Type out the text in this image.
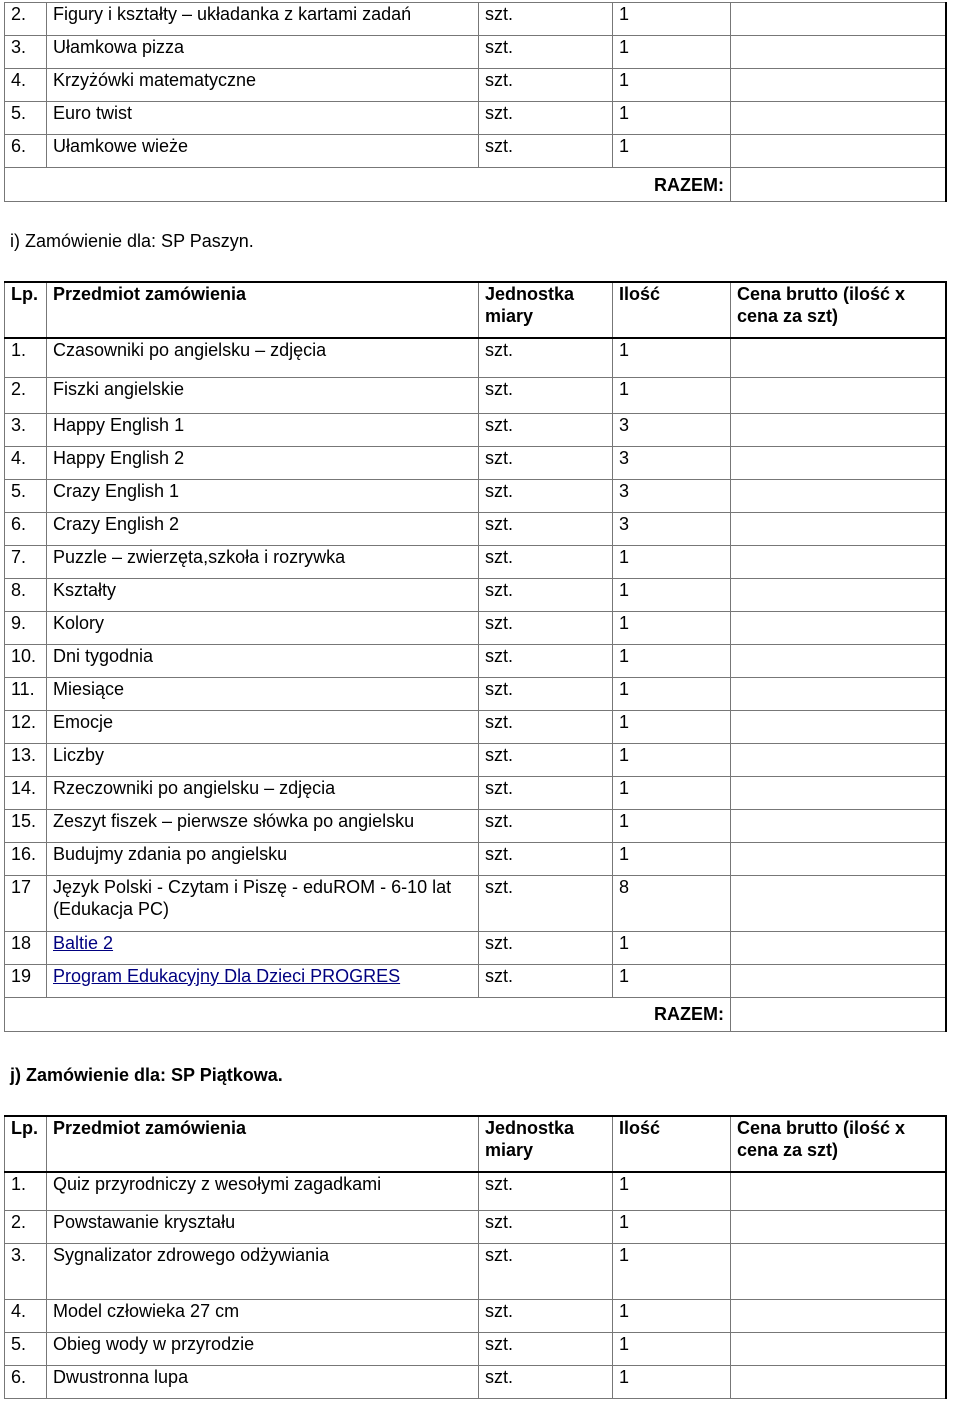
2.	Figury i kształty – układanka z kartami zadań	szt.	1	
3.	Ułamkowa pizza	szt.	1	
4.	Krzyżówki matematyczne	szt.	1	
5.	Euro twist	szt.	1	
6.	Ułamkowe wieże	szt.	1	
RAZEM:				
i) Zamówienie dla: SP Paszyn.
Lp.	Przedmiot zamówienia	Jednostka miary	Ilość	Cena brutto (ilość x cena za szt)
1.	Czasowniki po angielsku – zdjęcia	szt.	1	
2.	Fiszki angielskie	szt.	1	
3.	Happy English 1	szt.	3	
4.	Happy English 2	szt.	3	
5.	Crazy English 1	szt.	3	
6.	Crazy English 2	szt.	3	
7.	Puzzle – zwierzęta,szkoła i rozrywka	szt.	1	
8.	Kształty	szt.	1	
9.	Kolory	szt.	1	
10.	Dni tygodnia	szt.	1	
11.	Miesiące	szt.	1	
12.	Emocje	szt.	1	
13.	Liczby	szt.	1	
14.	Rzeczowniki po angielsku – zdjęcia	szt.	1	
15.	Zeszyt fiszek – pierwsze słówka po angielsku	szt.	1	
16.	Budujmy zdania po angielsku	szt.	1	
17	Język Polski - Czytam i Piszę - eduROM - 6-10 lat (Edukacja PC)	szt.	8	
18	Baltie 2	szt.	1	
19	Program Edukacyjny Dla Dzieci PROGRES	szt.	1	
RAZEM:				
j) Zamówienie dla: SP Piątkowa.
Lp.	Przedmiot zamówienia	Jednostka miary	Ilość	Cena brutto (ilość x cena za szt)
1.	Quiz przyrodniczy z wesołymi zagadkami	szt.	1	
2.	Powstawanie kryształu	szt.	1	
3.	Sygnalizator zdrowego odżywiania	szt.	1	
4.	Model człowieka 27 cm	szt.	1	
5.	Obieg wody w przyrodzie	szt.	1	
6.	Dwustronna lupa	szt.	1	
